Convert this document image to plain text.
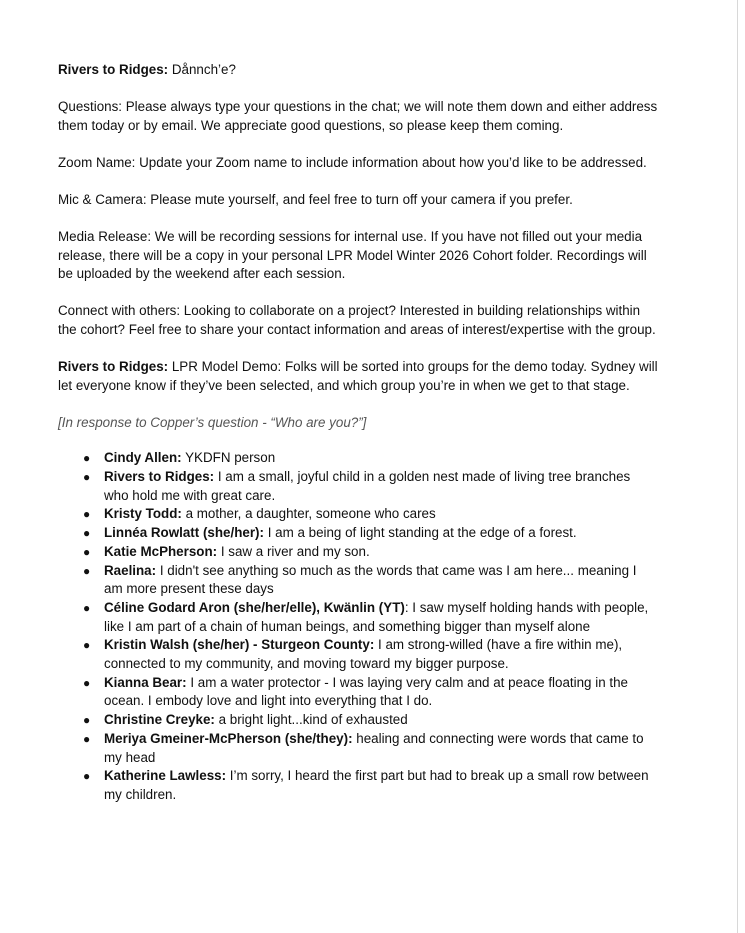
Rivers to Ridges: Dånnch’e?

Questions: Please always type your questions in the chat; we will note them down and either address them today or by email. We appreciate good questions, so please keep them coming.

Zoom Name: Update your Zoom name to include information about how you’d like to be addressed.

Mic & Camera: Please mute yourself, and feel free to turn off your camera if you prefer.

Media Release: We will be recording sessions for internal use. If you have not filled out your media release, there will be a copy in your personal LPR Model Winter 2026 Cohort folder. Recordings will be uploaded by the weekend after each session.

Connect with others: Looking to collaborate on a project? Interested in building relationships within the cohort? Feel free to share your contact information and areas of interest/expertise with the group.

Rivers to Ridges: LPR Model Demo: Folks will be sorted into groups for the demo today. Sydney will let everyone know if they’ve been selected, and which group you’re in when we get to that stage.

[In response to Copper’s question - “Who are you?”]

● Cindy Allen: YKDFN person
● Rivers to Ridges: I am a small, joyful child in a golden nest made of living tree branches who hold me with great care.
● Kristy Todd: a mother, a daughter, someone who cares
● Linnéa Rowlatt (she/her): I am a being of light standing at the edge of a forest.
● Katie McPherson: I saw a river and my son.
● Raelina: I didn't see anything so much as the words that came was I am here... meaning I am more present these days
● Céline Godard Aron (she/her/elle), Kwänlin (YT): I saw myself holding hands with people, like I am part of a chain of human beings, and something bigger than myself alone
● Kristin Walsh (she/her) - Sturgeon County: I am strong-willed (have a fire within me), connected to my community, and moving toward my bigger purpose.
● Kianna Bear: I am a water protector - I was laying very calm and at peace floating in the ocean. I embody love and light into everything that I do.
● Christine Creyke: a bright light...kind of exhausted
● Meriya Gmeiner-McPherson (she/they): healing and connecting were words that came to my head
● Katherine Lawless: I’m sorry, I heard the first part but had to break up a small row between my children.
